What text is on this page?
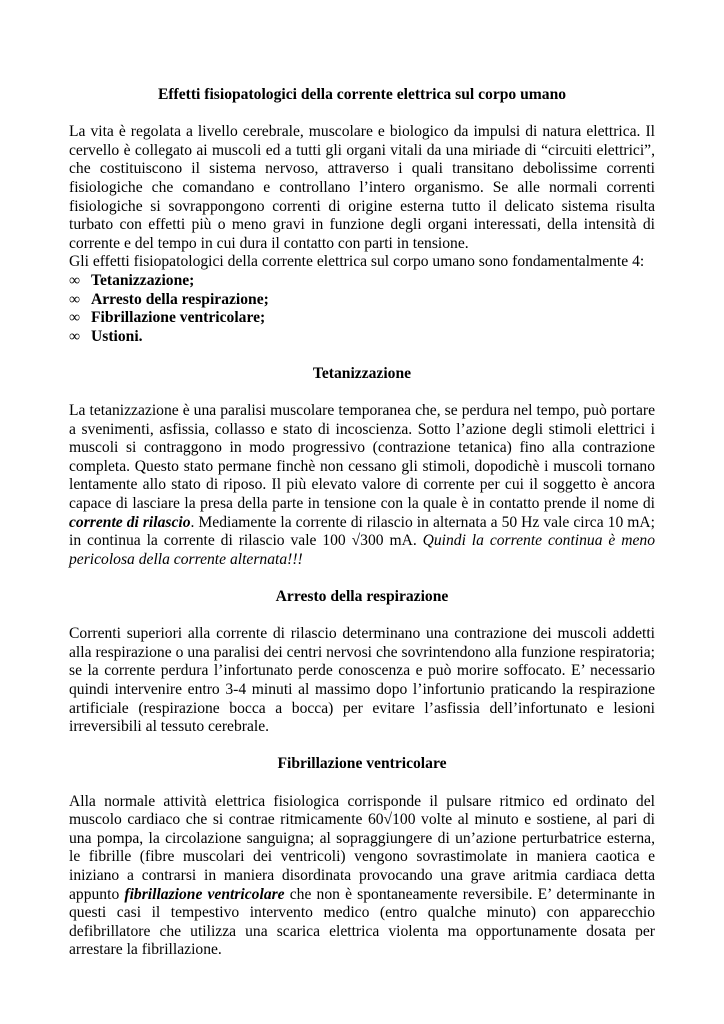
Effetti fisiopatologici della corrente elettrica sul corpo umano

La vita è regolata a livello cerebrale, muscolare e biologico da impulsi di natura elettrica. Il cervello è collegato ai muscoli ed a tutti gli organi vitali da una miriade di “circuiti elettrici”, che costituiscono il sistema nervoso, attraverso i quali transitano debolissime correnti fisiologiche che comandano e controllano l’intero organismo. Se alle normali correnti fisiologiche si sovrappongono correnti di origine esterna tutto il delicato sistema risulta turbato con effetti più o meno gravi in funzione degli organi interessati, della intensità di corrente e del tempo in cui dura il contatto con parti in tensione.

Gli effetti fisiopatologici della corrente elettrica sul corpo umano sono fondamentalmente 4:

∞ Tetanizzazione;
∞ Arresto della respirazione;
∞ Fibrillazione ventricolare;
∞ Ustioni.
Tetanizzazione

La tetanizzazione è una paralisi muscolare temporanea che, se perdura nel tempo, può portare a svenimenti, asfissia, collasso e stato di incoscienza. Sotto l’azione degli stimoli elettrici i muscoli si contraggono in modo progressivo (contrazione tetanica) fino alla contrazione completa. Questo stato permane finchè non cessano gli stimoli, dopodichè i muscoli tornano lentamente allo stato di riposo. Il più elevato valore di corrente per cui il soggetto è ancora capace di lasciare la presa della parte in tensione con la quale è in contatto prende il nome di corrente di rilascio. Mediamente la corrente di rilascio in alternata a 50 Hz vale circa 10 mA; in continua la corrente di rilascio vale 100 √300 mA. Quindi la corrente continua è meno pericolosa della corrente alternata!!!

Arresto della respirazione

Correnti superiori alla corrente di rilascio determinano una contrazione dei muscoli addetti alla respirazione o una paralisi dei centri nervosi che sovrintendono alla funzione respiratoria; se la corrente perdura l’infortunato perde conoscenza e può morire soffocato. E’ necessario quindi intervenire entro 3-4 minuti al massimo dopo l’infortunio praticando la respirazione artificiale (respirazione bocca a bocca) per evitare l’asfissia dell’infortunato e lesioni irreversibili al tessuto cerebrale.

Fibrillazione ventricolare

Alla normale attività elettrica fisiologica corrisponde il pulsare ritmico ed ordinato del muscolo cardiaco che si contrae ritmicamente 60√100 volte al minuto e sostiene, al pari di una pompa, la circolazione sanguigna; al sopraggiungere di un’azione perturbatrice esterna, le fibrille (fibre muscolari dei ventricoli) vengono sovrastimolate in maniera caotica e iniziano a contrarsi in maniera disordinata provocando una grave aritmia cardiaca detta appunto fibrillazione ventricolare che non è spontaneamente reversibile. E’ determinante in questi casi il tempestivo intervento medico (entro qualche minuto) con apparecchio defibrillatore che utilizza una scarica elettrica violenta ma opportunamente dosata per arrestare la fibrillazione.
